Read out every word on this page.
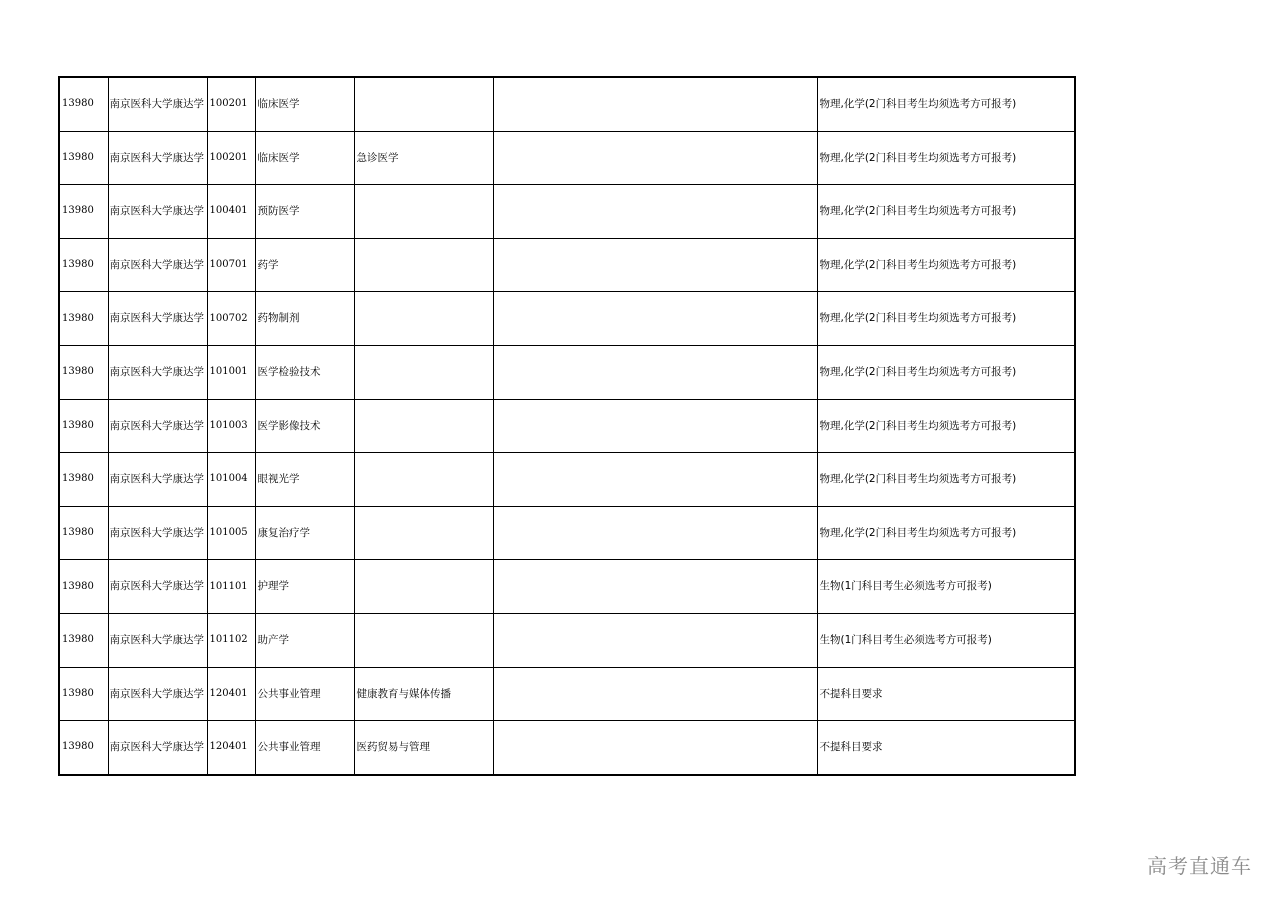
13980	南京医科大学康达学	100201	临床医学			物理,化学(2门科目考生均须选考方可报考)
13980	南京医科大学康达学	100201	临床医学	急诊医学		物理,化学(2门科目考生均须选考方可报考)
13980	南京医科大学康达学	100401	预防医学			物理,化学(2门科目考生均须选考方可报考)
13980	南京医科大学康达学	100701	药学			物理,化学(2门科目考生均须选考方可报考)
13980	南京医科大学康达学	100702	药物制剂			物理,化学(2门科目考生均须选考方可报考)
13980	南京医科大学康达学	101001	医学检验技术			物理,化学(2门科目考生均须选考方可报考)
13980	南京医科大学康达学	101003	医学影像技术			物理,化学(2门科目考生均须选考方可报考)
13980	南京医科大学康达学	101004	眼视光学			物理,化学(2门科目考生均须选考方可报考)
13980	南京医科大学康达学	101005	康复治疗学			物理,化学(2门科目考生均须选考方可报考)
13980	南京医科大学康达学	101101	护理学			生物(1门科目考生必须选考方可报考)
13980	南京医科大学康达学	101102	助产学			生物(1门科目考生必须选考方可报考)
13980	南京医科大学康达学	120401	公共事业管理	健康教育与媒体传播		不提科目要求
13980	南京医科大学康达学	120401	公共事业管理	医药贸易与管理		不提科目要求
高考直通车
